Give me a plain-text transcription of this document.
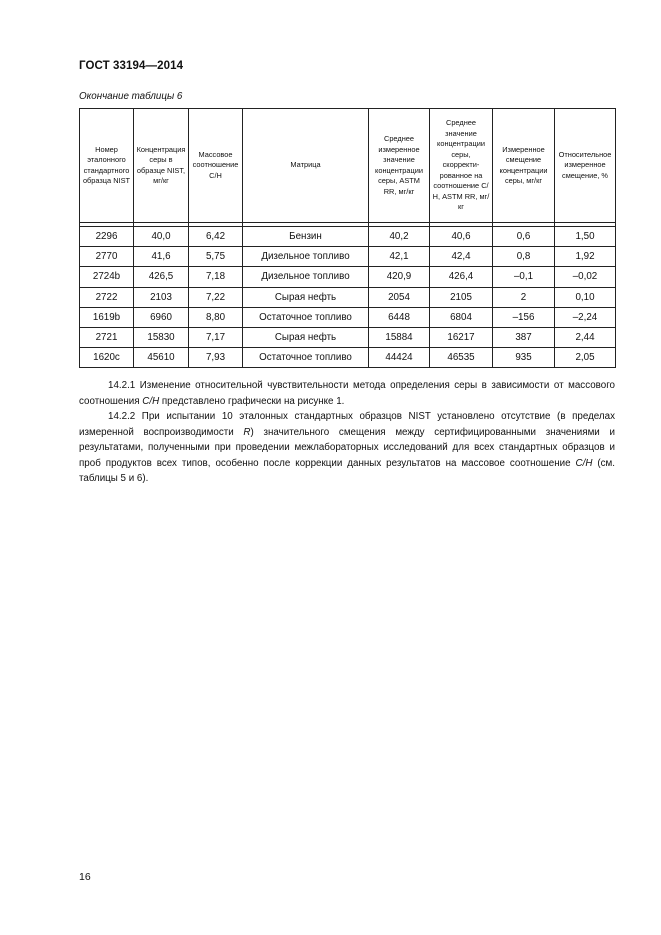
ГОСТ 33194—2014
Окончание таблицы 6
Номер эталонного стандартного образца NIST	Концентрация серы в образце NIST, мг/кг	Массовое соотношение С/Н	Матрица	Среднее измеренное значение концентрации серы, ASTM RR, мг/кг	Среднее значение концентрации серы, скорректированное на соотношение С/Н, ASTM RR, мг/кг	Измеренное смещение концентрации серы, мг/кг	Относительное измеренное смещение, %

2296	40,0	6,42	Бензин	40,2	40,6	0,6	1,50
2770	41,6	5,75	Дизельное топливо	42,1	42,4	0,8	1,92
2724b	426,5	7,18	Дизельное топливо	420,9	426,4	–0,1	–0,02
2722	2103	7,22	Сырая нефть	2054	2105	2	0,10
1619b	6960	8,80	Остаточное топливо	6448	6804	–156	–2,24
2721	15830	7,17	Сырая нефть	15884	16217	387	2,44
1620c	45610	7,93	Остаточное топливо	44424	46535	935	2,05

14.2.1 Изменение относительной чувствительности метода определения серы в зависимости от массового соотношения С/Н представлено графически на рисунке 1.

14.2.2 При испытании 10 эталонных стандартных образцов NIST установлено отсутствие (в пределах измеренной воспроизводимости R) значительного смещения между сертифицированными значениями и результатами, полученными при проведении межлабораторных исследований для всех стандартных образцов и проб продуктов всех типов, особенно после коррекции данных результатов на массовое соотношение С/Н (см. таблицы 5 и 6).

16
